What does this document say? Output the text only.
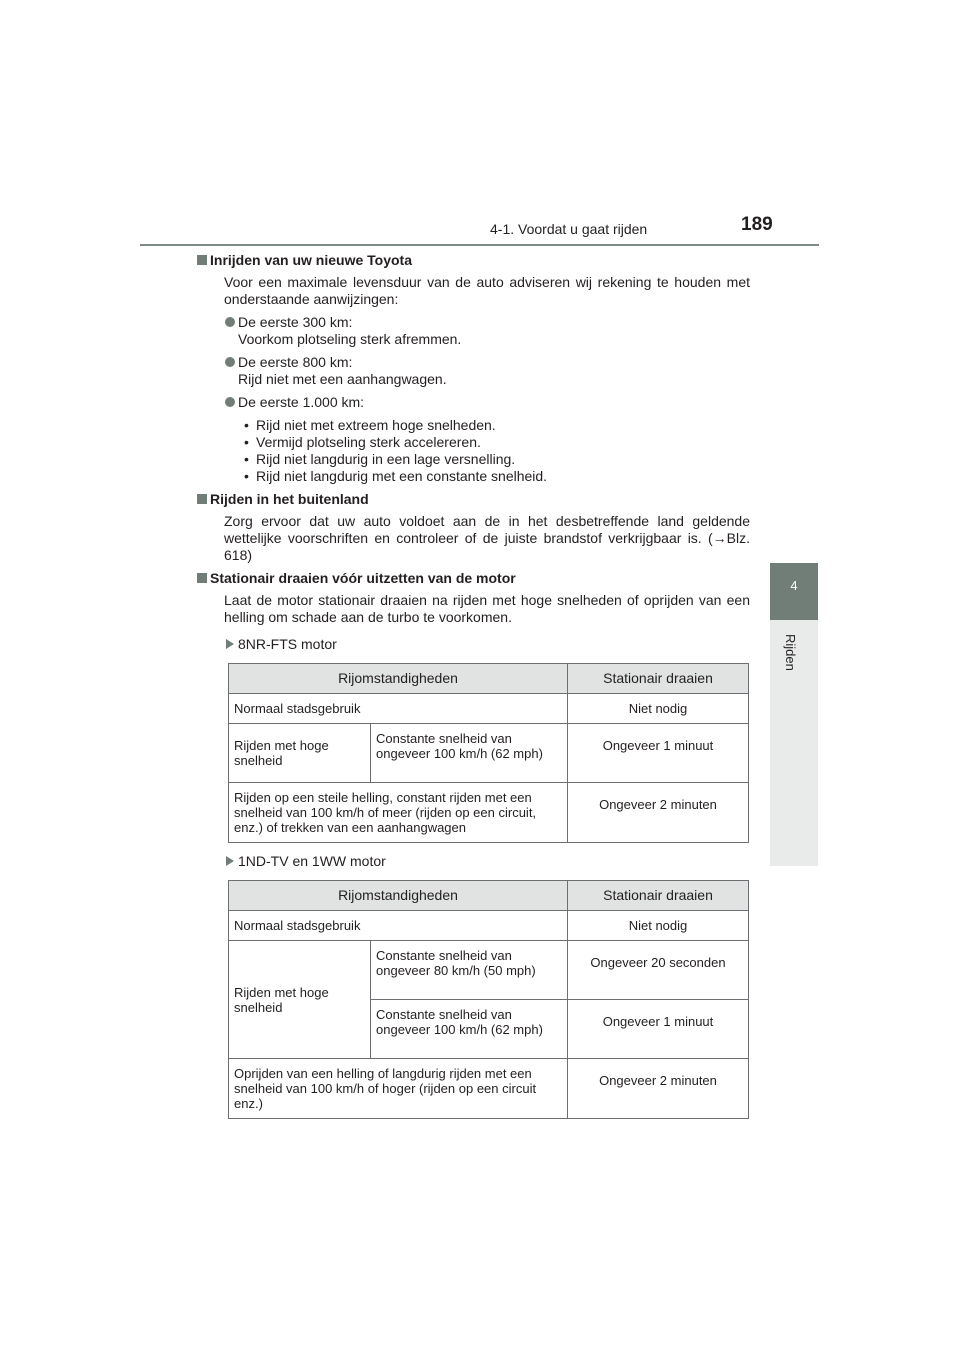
4-1. Voordat u gaat rijden	189
4
Rijden
Inrijden van uw nieuwe Toyota
Voor een maximale levensduur van de auto adviseren wij rekening te houden met onderstaande aanwijzingen:
De eerste 300 km:
Voorkom plotseling sterk afremmen.
De eerste 800 km:
Rijd niet met een aanhangwagen.
De eerste 1.000 km:
• Rijd niet met extreem hoge snelheden.
• Vermijd plotseling sterk accelereren.
• Rijd niet langdurig in een lage versnelling.
• Rijd niet langdurig met een constante snelheid.
Rijden in het buitenland
Zorg ervoor dat uw auto voldoet aan de in het desbetreffende land geldende wettelijke voorschriften en controleer of de juiste brandstof verkrijgbaar is. (→Blz. 618)
Stationair draaien vóór uitzetten van de motor
Laat de motor stationair draaien na rijden met hoge snelheden of oprijden van een helling om schade aan de turbo te voorkomen.
8NR-FTS motor
Rijomstandigheden		Stationair draaien
Normaal stadsgebruik		Niet nodig
Rijden met hoge snelheid	Constante snelheid van ongeveer 100 km/h (62 mph)	Ongeveer 1 minuut
Rijden op een steile helling, constant rijden met een snelheid van 100 km/h of meer (rijden op een circuit, enz.) of trekken van een aanhangwagen		Ongeveer 2 minuten
1ND-TV en 1WW motor
Rijomstandigheden		Stationair draaien
Normaal stadsgebruik		Niet nodig
Rijden met hoge snelheid	Constante snelheid van ongeveer 80 km/h (50 mph)	Ongeveer 20 seconden
	Constante snelheid van ongeveer 100 km/h (62 mph)	Ongeveer 1 minuut
Oprijden van een helling of langdurig rijden met een snelheid van 100 km/h of hoger (rijden op een circuit enz.)		Ongeveer 2 minuten
